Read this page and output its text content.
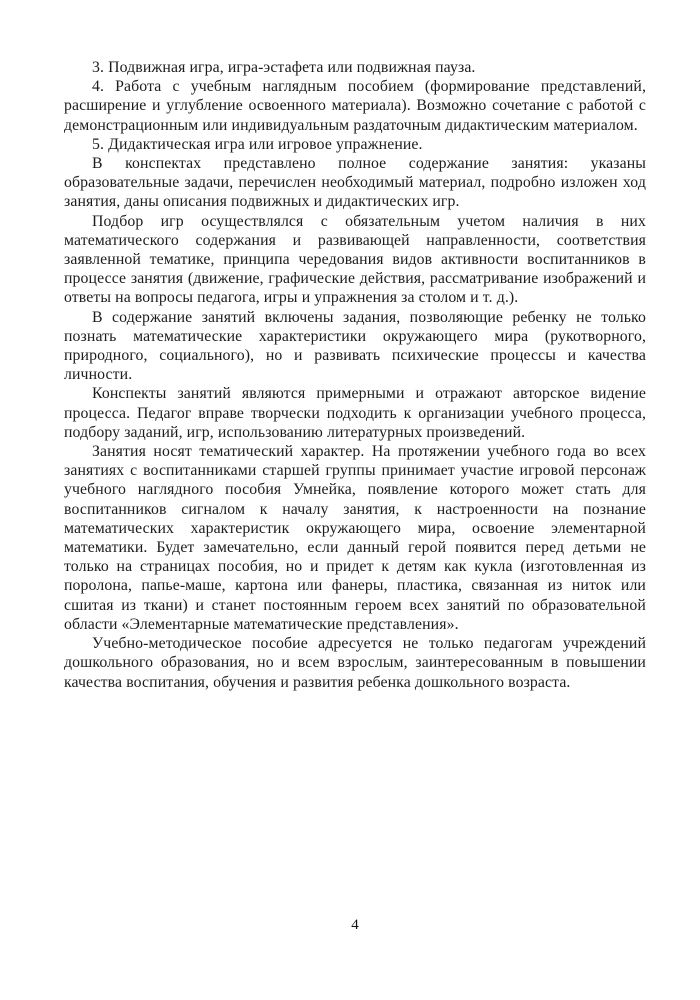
3. Подвижная игра, игра-эстафета или подвижная пауза.

4. Работа с учебным наглядным пособием (формирование представлений, расширение и углубление освоенного материала). Возможно сочетание с работой с демонстрационным или индивидуальным раздаточным дидактическим материалом.

5. Дидактическая игра или игровое упражнение.

В конспектах представлено полное содержание занятия: указаны образовательные задачи, перечислен необходимый материал, подробно изложен ход занятия, даны описания подвижных и дидактических игр.

Подбор игр осуществлялся с обязательным учетом наличия в них математического содержания и развивающей направленности, соответствия заявленной тематике, принципа чередования видов активности воспитанников в процессе занятия (движение, графические действия, рассматривание изображений и ответы на вопросы педагога, игры и упражнения за столом и т. д.).

В содержание занятий включены задания, позволяющие ребенку не только познать математические характеристики окружающего мира (рукотворного, природного, социального), но и развивать психические процессы и качества личности.

Конспекты занятий являются примерными и отражают авторское видение процесса. Педагог вправе творчески подходить к организации учебного процесса, подбору заданий, игр, использованию литературных произведений.

Занятия носят тематический характер. На протяжении учебного года во всех занятиях с воспитанниками старшей группы принимает участие игровой персонаж учебного наглядного пособия Умнейка, появление которого может стать для воспитанников сигналом к началу занятия, к настроенности на познание математических характеристик окружающего мира, освоение элементарной математики. Будет замечательно, если данный герой появится перед детьми не только на страницах пособия, но и придет к детям как кукла (изготовленная из поролона, папье-маше, картона или фанеры, пластика, связанная из ниток или сшитая из ткани) и станет постоянным героем всех занятий по образовательной области «Элементарные математические представления».

Учебно-методическое пособие адресуется не только педагогам учреждений дошкольного образования, но и всем взрослым, заинтересованным в повышении качества воспитания, обучения и развития ребенка дошкольного возраста.

4
